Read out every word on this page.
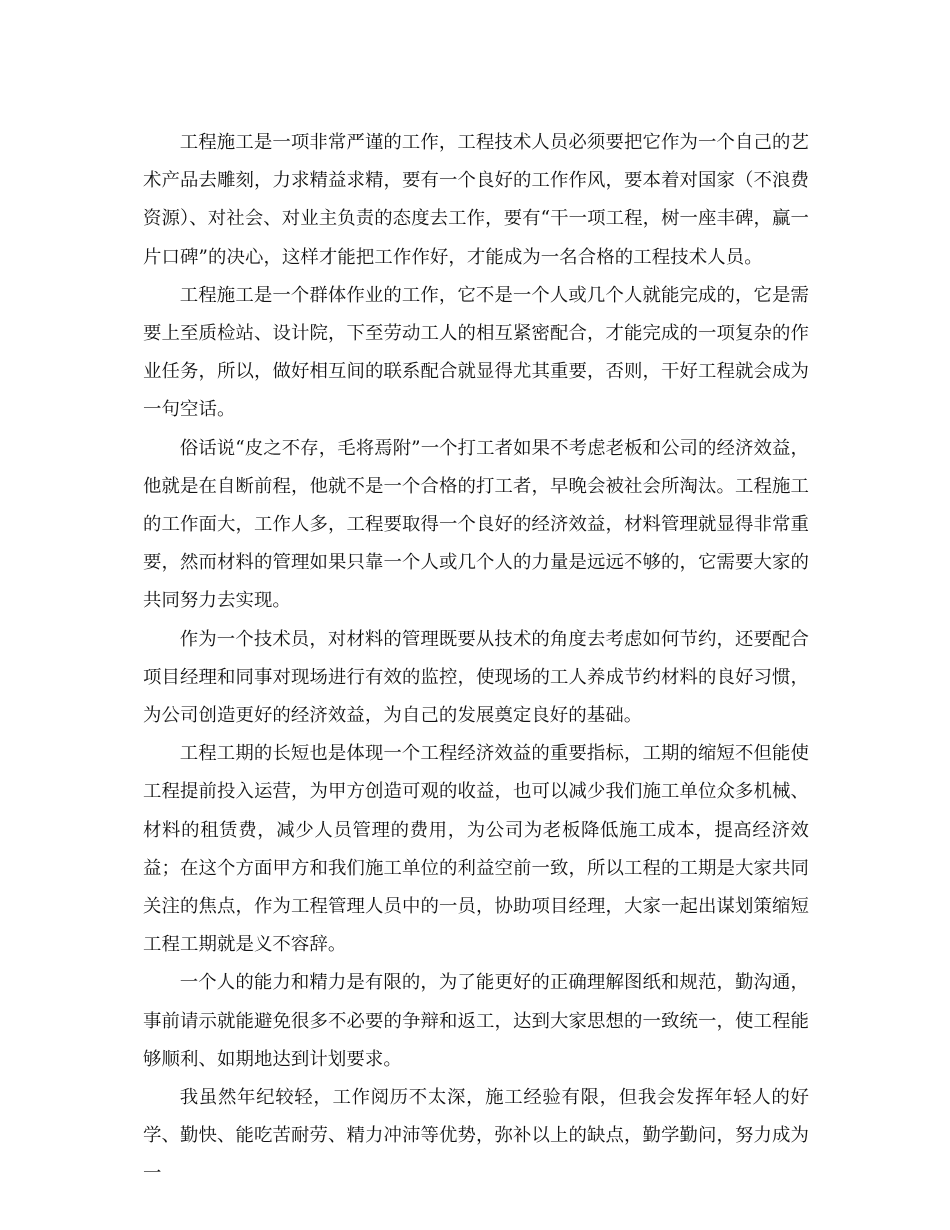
工程施工是一项非常严谨的工作，工程技术人员必须要把它作为一个自己的艺术产品去雕刻，力求精益求精，要有一个良好的工作作风，要本着对国家（不浪费资源）、对社会、对业主负责的态度去工作，要有“干一项工程，树一座丰碑，赢一片口碑”的决心，这样才能把工作作好，才能成为一名合格的工程技术人员。

工程施工是一个群体作业的工作，它不是一个人或几个人就能完成的，它是需要上至质检站、设计院，下至劳动工人的相互紧密配合，才能完成的一项复杂的作业任务，所以，做好相互间的联系配合就显得尤其重要，否则，干好工程就会成为一句空话。

俗话说“皮之不存，毛将焉附”一个打工者如果不考虑老板和公司的经济效益，他就是在自断前程，他就不是一个合格的打工者，早晚会被社会所淘汰。工程施工的工作面大，工作人多，工程要取得一个良好的经济效益，材料管理就显得非常重要，然而材料的管理如果只靠一个人或几个人的力量是远远不够的，它需要大家的共同努力去实现。

作为一个技术员，对材料的管理既要从技术的角度去考虑如何节约，还要配合项目经理和同事对现场进行有效的监控，使现场的工人养成节约材料的良好习惯，为公司创造更好的经济效益，为自己的发展奠定良好的基础。

工程工期的长短也是体现一个工程经济效益的重要指标，工期的缩短不但能使工程提前投入运营，为甲方创造可观的收益，也可以减少我们施工单位众多机械、材料的租赁费，减少人员管理的费用，为公司为老板降低施工成本，提高经济效益；在这个方面甲方和我们施工单位的利益空前一致，所以工程的工期是大家共同关注的焦点，作为工程管理人员中的一员，协助项目经理，大家一起出谋划策缩短工程工期就是义不容辞。

一个人的能力和精力是有限的，为了能更好的正确理解图纸和规范，勤沟通，事前请示就能避免很多不必要的争辩和返工，达到大家思想的一致统一，使工程能够顺利、如期地达到计划要求。

我虽然年纪较轻，工作阅历不太深，施工经验有限，但我会发挥年轻人的好学、勤快、能吃苦耐劳、精力冲沛等优势，弥补以上的缺点，勤学勤问，努力成为一
